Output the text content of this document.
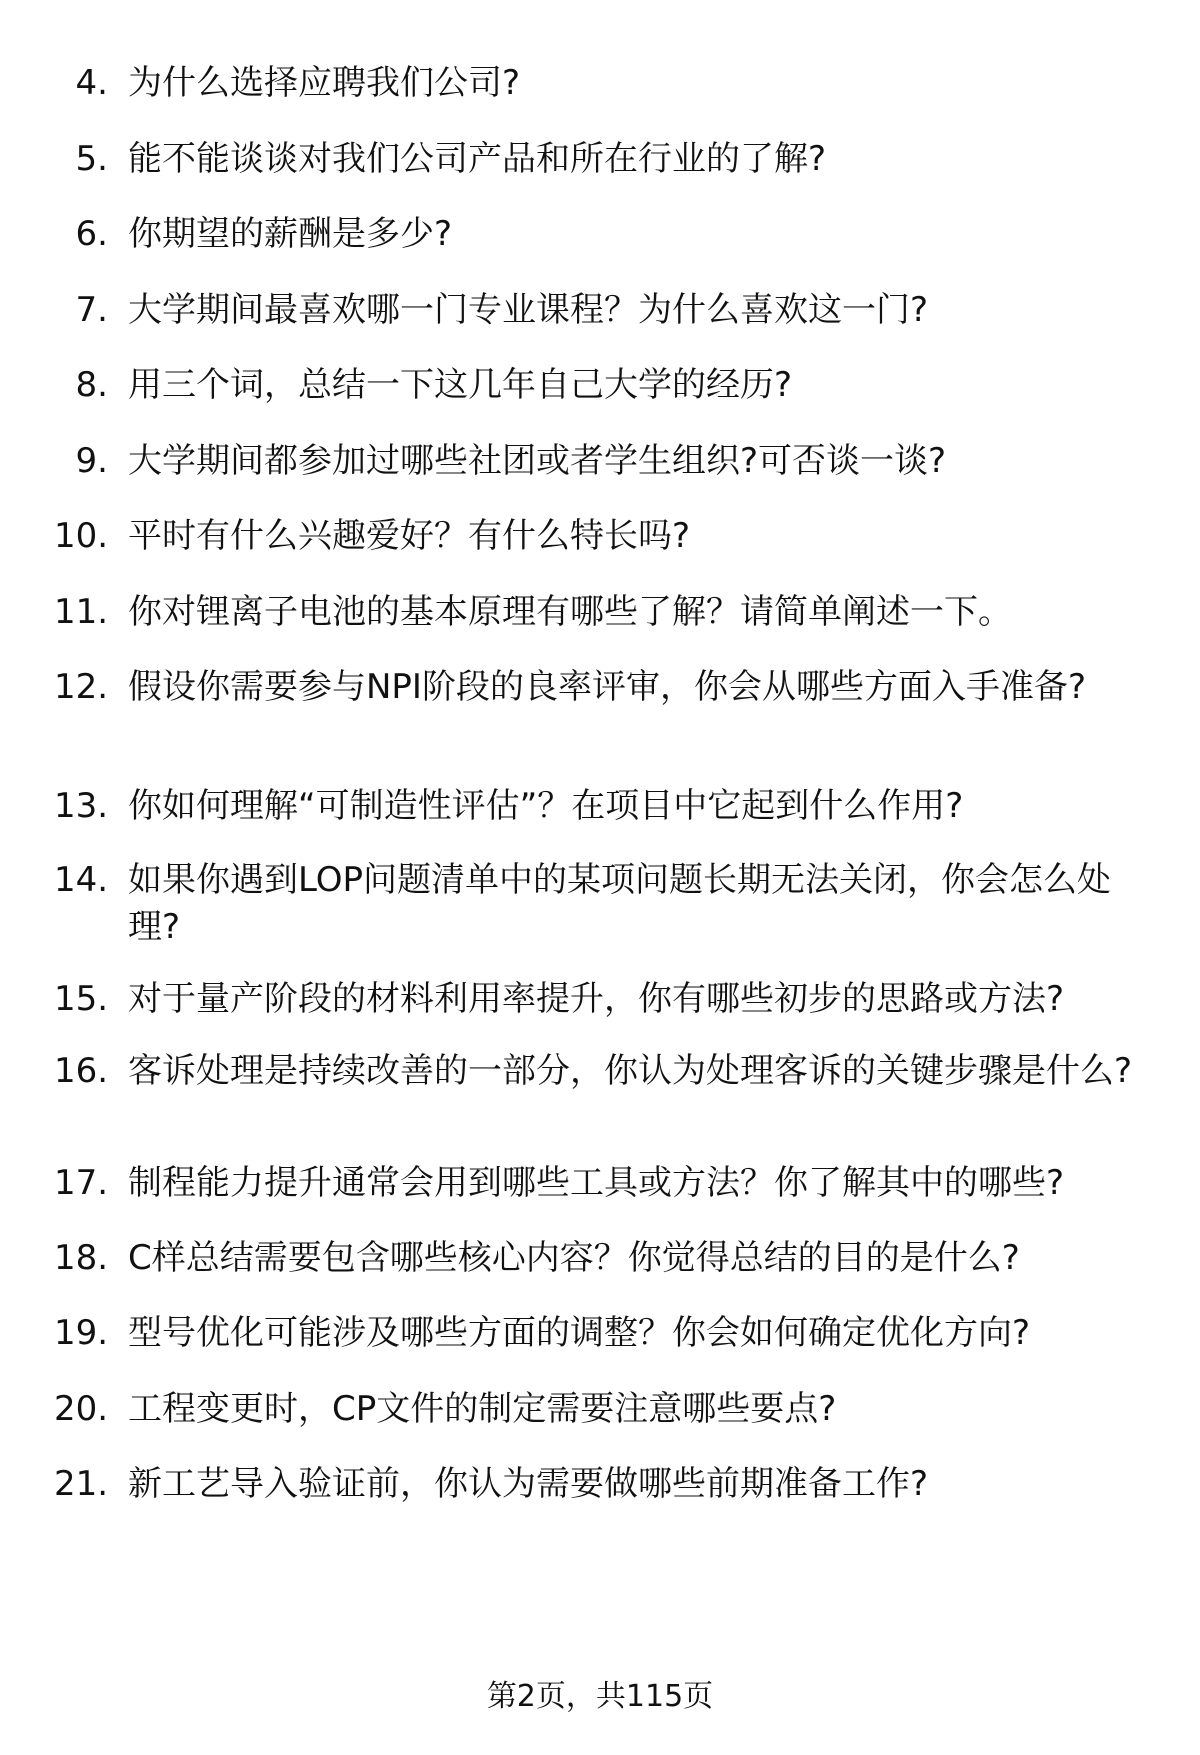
4. 为什么选择应聘我们公司?
5. 能不能谈谈对我们公司产品和所在行业的了解?
6. 你期望的薪酬是多少?
7. 大学期间最喜欢哪一门专业课程？为什么喜欢这一门?
8. 用三个词，总结一下这几年自己大学的经历?
9. 大学期间都参加过哪些社团或者学生组织?可否谈一谈?
10. 平时有什么兴趣爱好？有什么特长吗?
11. 你对锂离子电池的基本原理有哪些了解？请简单阐述一下。
12. 假设你需要参与NPI阶段的良率评审，你会从哪些方面入手准备?
13. 你如何理解“可制造性评估”？在项目中它起到什么作用?
14. 如果你遇到LOP问题清单中的某项问题长期无法关闭，你会怎么处理?
15. 对于量产阶段的材料利用率提升，你有哪些初步的思路或方法?
16. 客诉处理是持续改善的一部分，你认为处理客诉的关键步骤是什么?
17. 制程能力提升通常会用到哪些工具或方法？你了解其中的哪些?
18. C样总结需要包含哪些核心内容？你觉得总结的目的是什么?
19. 型号优化可能涉及哪些方面的调整？你会如何确定优化方向?
20. 工程变更时，CP文件的制定需要注意哪些要点?
21. 新工艺导入验证前，你认为需要做哪些前期准备工作?
第2页，共115页
